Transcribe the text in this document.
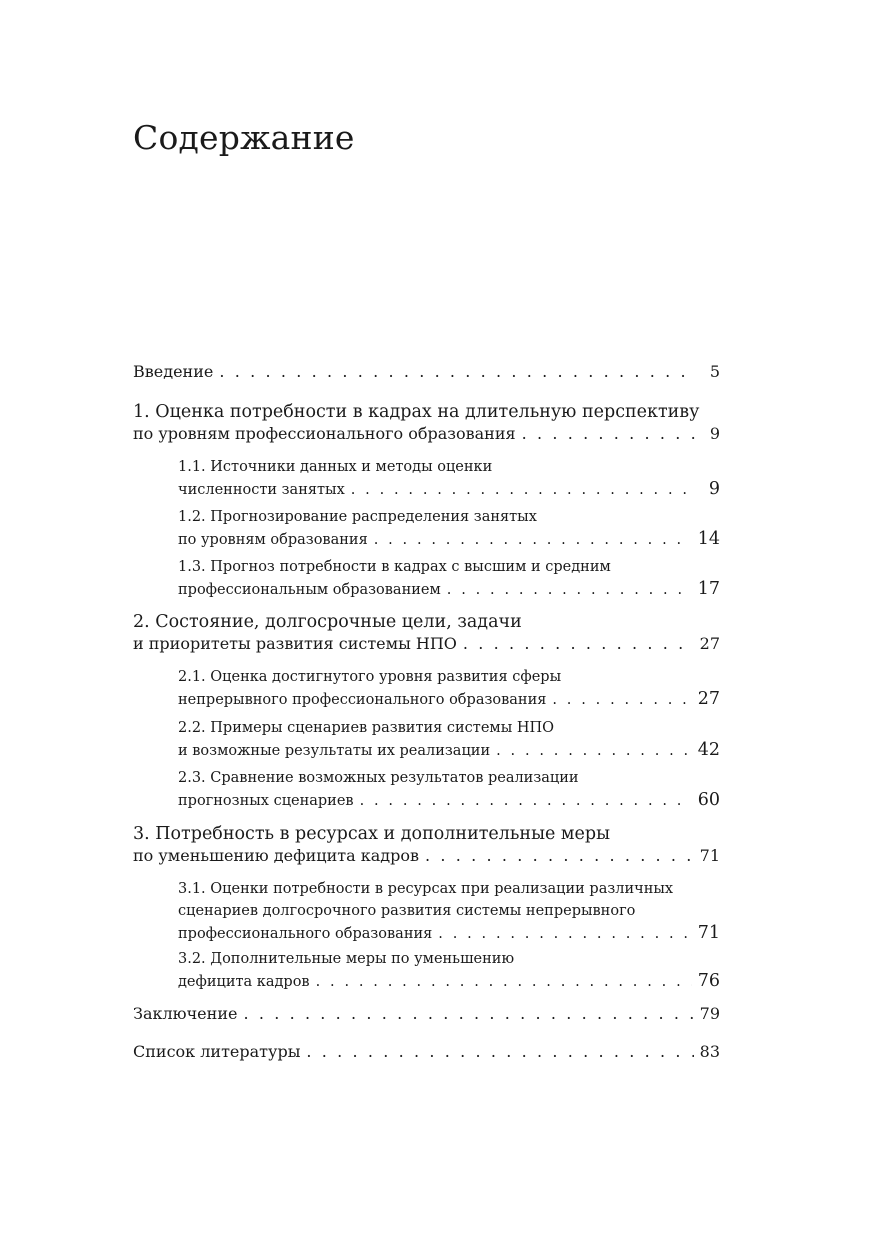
Содержание
Введение . . .	5
1. Оценка потребности в кадрах на длительную перспективу
по уровням профессионального образования . . .	9
1.1. Источники данных и методы оценки
численности занятых . . .	9
1.2. Прогнозирование распределения занятых
по уровням образования . . .	14
1.3. Прогноз потребности в кадрах с высшим и средним
профессиональным образованием . . .	17
2. Состояние, долгосрочные цели, задачи
и приоритеты развития системы НПО . . .	27
2.1. Оценка достигнутого уровня развития сферы
непрерывного профессионального образования . . .	27
2.2. Примеры сценариев развития системы НПО
и возможные результаты их реализации . . .	42
2.3. Сравнение возможных результатов реализации
прогнозных сценариев . . .	60
3. Потребность в ресурсах и дополнительные меры
по уменьшению дефицита кадров . . .	71
3.1. Оценки потребности в ресурсах при реализации различных
сценариев долгосрочного развития системы непрерывного
профессионального образования . . .	71
3.2. Дополнительные меры по уменьшению
дефицита кадров . . .	76
Заключение . . .	79
Список литературы . . .	83
